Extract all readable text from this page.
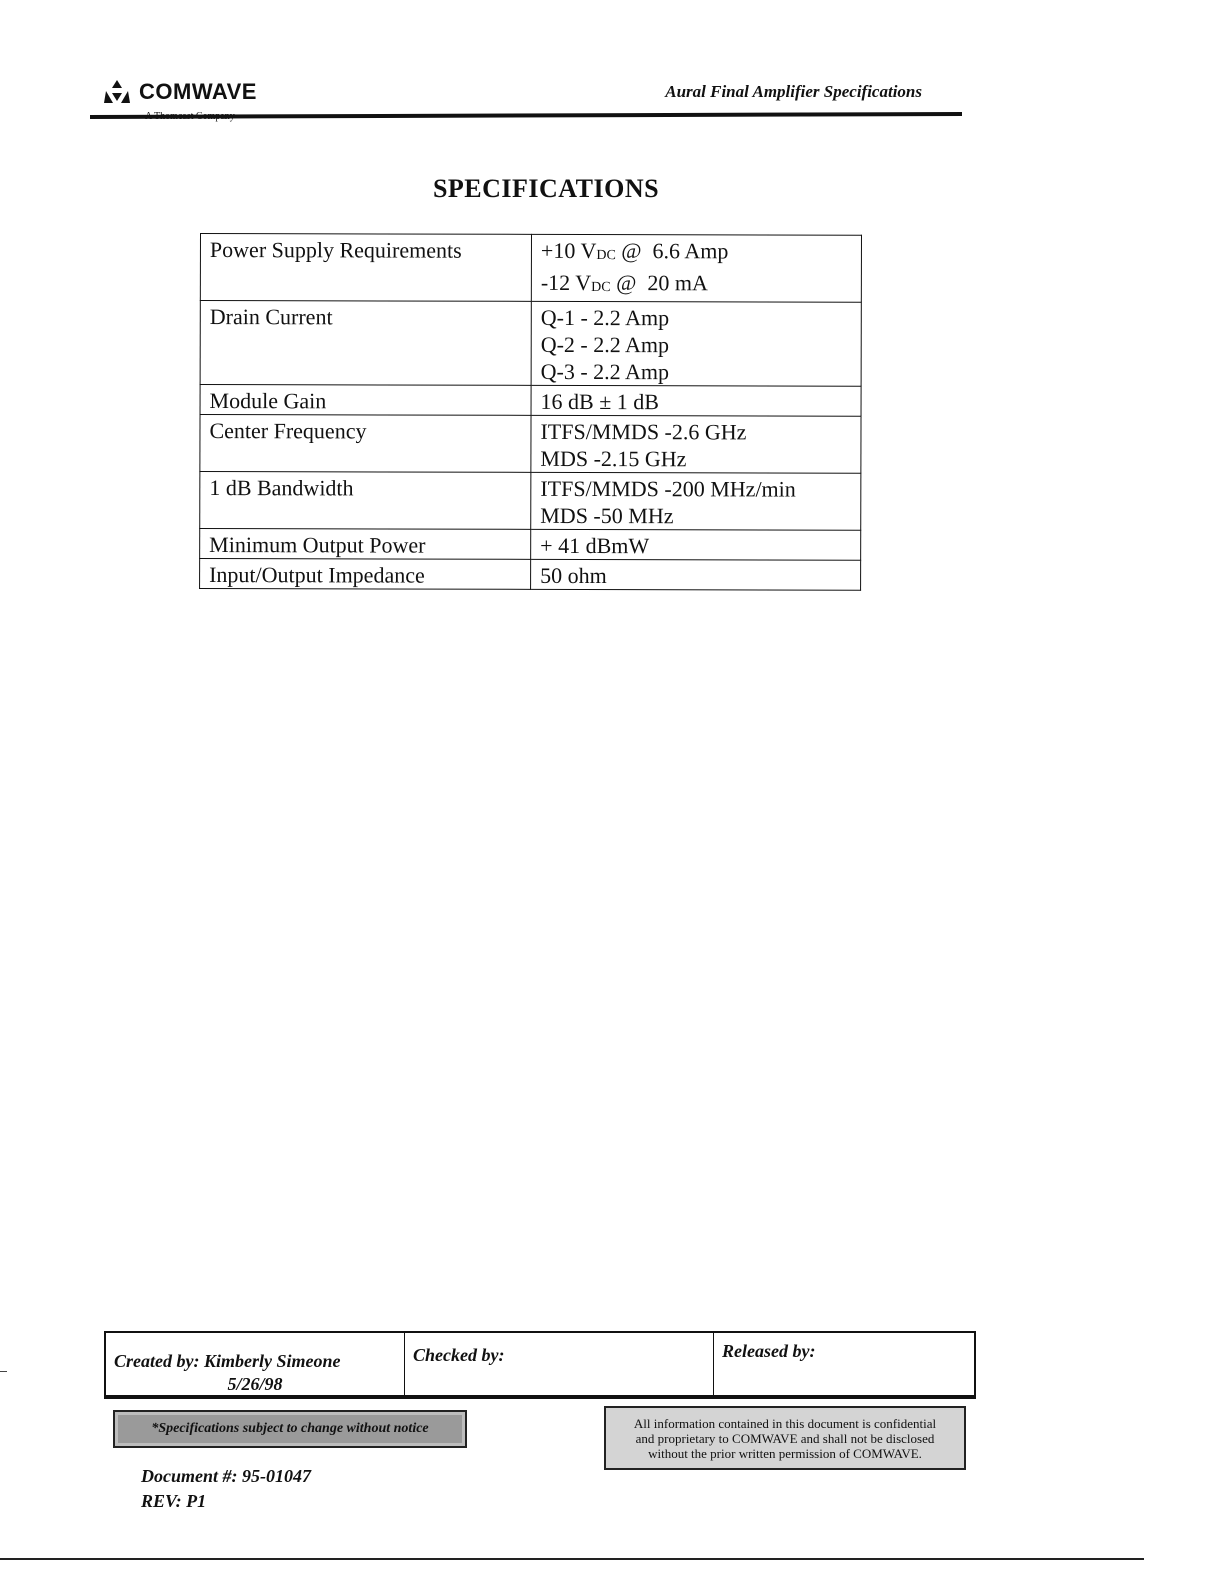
COMWAVE	Aural Final Amplifier Specifications
SPECIFICATIONS
Power Supply Requirements	+10 $V_{DC}$ @  6.6 Amp
-12 $V_{DC}$ @  20 mA

Drain Current	Q-1 - 2.2 Amp
Q-2 - 2.2 Amp
Q-3 - 2.2 Amp

Module Gain	16 dB ± 1 dB

Center Frequency	ITFS/MMDS -2.6 GHz
MDS -2.15 GHz

1 dB Bandwidth	ITFS/MMDS -200 MHz/min
MDS -50 MHz

Minimum Output Power	+ 41 dBmW

Input/Output Impedance	50 ohm
Created by: Kimberly Simeone
5/26/98
	Checked by:	Released by:
*Specifications subject to change without notice	All information contained in this document is confidential
and proprietary to COMWAVE and shall not be disclosed
without the prior written permission of COMWAVE.
Document #: 95-01047
REV: P1
